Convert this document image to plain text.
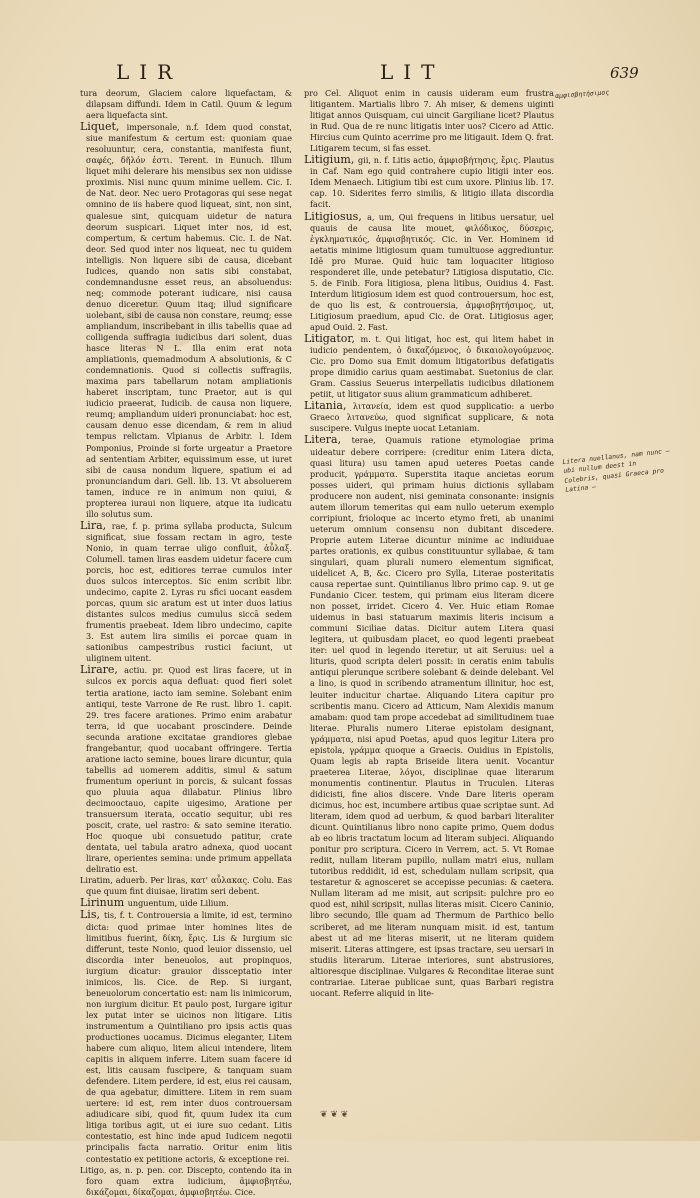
LIR	LIT	639

tura deorum, Glaciem calore liquefactam, & dilapsam diffundi. Idem in Catil. Quum & legum aera liquefacta sint.

Liquet, impersonale, n.f. Idem quod constat, siue manifestum & certum est: quoniam quae resoluuntur, cera, constantia, manifesta fiunt, σαφές, δῆλόν ἐστι. Terent. in Eunuch. Illum liquet mihi delerare his mensibus sex non uidisse proximis. Nisi nunc quum minime uellem. Cic. I. de Nat. deor. Nec uero Protagoras qui sese negat omnino de iis habere quod liqueat, sint, non sint, qualesue sint, quicquam uidetur de natura deorum suspicari. Liquet inter nos, id est, compertum, & certum habemus. Cic. I. de Nat. deor. Sed quod inter nos liqueat, nec tu quidem intelligis. Non liquere sibi de causa, dicebant Iudices, quando non satis sibi constabat, condemnandusne esset reus, an absoluendus: neq; commode poterant iudicare, nisi causa denuo diceretur. Quum itaq; illud significare uolebant, sibi de causa non constare, reumq; esse ampliandum, inscribebant in illis tabellis quae ad colligenda suffragia iudicibus dari solent, duas hasce literas N L. Illa enim erat nota ampliationis, quemadmodum A absolutionis, & C condemnationis. Quod si collectis suffragiis, maxima pars tabellarum notam ampliationis haberet inscriptam, tunc Praetor, aut is qui iudicio praeerat, Iudicib. de causa non liquere, reumq; ampliandum uideri pronunciabat: hoc est, causam denuo esse dicendam, & rem in aliud tempus relictam. Vlpianus de Arbitr. l. Idem Pomponius, Proinde si forte urgeatur a Praetore ad sententiam Arbiter, equissimum esse, ut iuret sibi de causa nondum liquere, spatium ei ad pronunciandum dari. Gell. lib. 13. Vt absoluerem tamen, induce re in animum non quiui, & propterea iuraui non liquere, atque ita iudicatu illo solutus sum.

Lira, rae, f. p. prima syllaba producta, Sulcum significat, siue fossam rectam in agro, teste Nonio, in quam terrae uligo confluit, ἀὖλαξ. Columell. tamen liras easdem uidetur facere cum porcis, hoc est, editiores terrae cumulos inter duos sulcos interceptos. Sic enim scribit libr. undecimo, capite 2. Lyras ru sfici uocant easdem porcas, quum sic aratum est ut inter duos latius distantes sulcos medius cumulus siccā sedem frumentis praebeat. Idem libro undecimo, capite 3. Est autem lira similis ei porcae quam in sationibus campestribus rustici faciunt, ut uliginem uitent.

Lirare, actiu. pr. Quod est liras facere, ut in sulcos ex porcis aqua defluat: quod fieri solet tertia aratione, iacto iam semine. Solebant enim antiqui, teste Varrone de Re rust. libro 1. capit. 29. tres facere arationes. Primo enim arabatur terra, id que uocabant proscindere. Deinde secunda aratione excitatae grandiores glebae frangebantur, quod uocabant offringere. Tertia aratione iacto semine, boues lirare dicuntur, quia tabellis ad uomerem additis, simul & satum frumentum operiunt in porcis, & sulcant fossas quo pluuia aqua dilabatur. Plinius libro decimooctauo, capite uigesimo, Aratione per transuersum iterata, occatio sequitur, ubi res poscit, crate, uel rastro: & sato semine iteratio. Hoc quoque ubi consuetudo patitur, crate dentata, uel tabula aratro adnexa, quod uocant lirare, operientes semina: unde primum appellata deliratio est.

Liratim, aduerb. Per liras, κατ' αὖλακας. Colu. Eas que quum fint diuisae, liratim seri debent.

Lirinum unguentum, uide Lilium.

Lis, tis, f. t. Controuersia a limite, id est, termino dicta: quod primae inter homines lites de limitibus fuerint, δίκη, ἔρις. Lis & Iurgium sic differunt, teste Nonio, quod leuior dissensio, uel discordia inter beneuolos, aut propinquos, iurgium dicatur: grauior dissceptatio inter inimicos, lis. Cice. de Rep. Si iurgant, beneuolorum concertatio est: nam lis inimicorum, non iurgium dicitur. Et paulo post, Iurgare igitur lex putat inter se uicinos non litigare. Litis instrumentum a Quintiliano pro ipsis actis quas productiones uocamus. Dicimus eleganter, Litem habere cum aliquo, litem alicui intendere, litem capitis in aliquem inferre. Litem suam facere id est, litis causam fuscipere, & tanquam suam defendere. Litem perdere, id est, eius rei causam, de qua agebatur, dimittere. Litem in rem suam uertere: id est, rem inter duos controuersam adiudicare sibi, quod fit, quum Iudex ita cum litiga toribus agit, ut ei iure suo cedant. Litis contestatio, est hinc inde apud Iudicem negotii principalis facta narratio. Oritur enim litis contestatio ex petitione actoris, & exceptione rei.

Litigo, as, n. p. pen. cor. Discepto, contendo ita in foro quam extra iudicium, ἀμφισβητέω, δικάζομαι, δίκαζομαι, ἀμφισβητέω. Cice.

pro Cel. Aliquot enim in causis uideram eum frustra litigantem. Martialis libro 7. Ah miser, & demens uiginti litigat annos Quisquam, cui uincit Gargiliane licet? Plautus in Rud. Qua de re nunc litigatis inter uos? Cicero ad Attic. Hircius cum Quinto acerrime pro me litigauit. Idem Q. frat. Litigarem tecum, si fas esset.

Litigium, gii, n. f. Litis actio, ἀμφισβήτησις, ἔρις. Plautus in Caf. Nam ego quid contrahere cupio litigii inter eos. Idem Menaech. Litigium tibi est cum uxore. Plinius lib. 17. cap. 10. Siderites ferro similis, & litigio illata discordia facit.

Litigiosus, a, um, Qui frequens in litibus uersatur, uel quauis de causa lite mouet, φιλόδικος, δύσερις, ἐγκληματικός, ἀμφισβητικός. Cic. in Ver. Hominem id aetatis minime litigiosum quam tumultuose aggrediuntur. Idē pro Murae. Quid huic tam loquaciter litigioso responderet ille, unde petebatur? Litigiosa disputatio, Cic. 5. de Finib. Fora litigiosa, plena litibus, Ouidius 4. Fast. Interdum litigiosum idem est quod controuersum, hoc est, de quo lis est, & controuersia, ἀμφισβητήσιμος, ut, Litigiosum praedium, apud Cic. de Orat. Litigiosus ager, apud Ouid. 2. Fast.

Litigator, m. t. Qui litigat, hoc est, qui litem habet in iudicio pendentem, ὁ δικαζόμενος, ὁ δικαιολογούμενος. Cic. pro Domo sua Emit domum litigatoribus defatigatis prope dimidio carius quam aestimabat. Suetonius de clar. Gram. Cassius Seuerus interpellatis iudicibus dilationem petiit, ut litigator suus alium grammaticum adhiberet.

Litania, λιτανεία, idem est quod supplicatio: a uerbo Graeco λιτανεύω, quod significat supplicare, & nota suscipere. Vulgus inepte uocat Letaniam.

Litera, terae, Quamuis ratione etymologiae prima uideatur debere corripere: (creditur enim Litera dicta, quasi litura) usu tamen apud ueteres Poetas cande producit, γράμματα. Superstita itaque ancietas eorum posses uideri, qui primam huius dictionis syllabam producere non audent, nisi geminata consonante: insignis autem illorum temeritas qui eam nullo ueterum exemplo corripiunt, frioloque ac incerto etymo freti, ab unanimi ueterum omnium consensu non dubitant discedere. Proprie autem Literae dicuntur minime ac indiuiduae partes orationis, ex quibus constituuntur syllabae, & tam singulari, quam plurali numero elementum significat, uidelicet A, B, &c. Cicero pro Sylla, Literae posteritatis causa repertae sunt. Quintilianus libro primo cap. 9. ut ge Fundanio Cicer. testem, qui primam eius literam dicere non posset, irridet. Cicero 4. Ver. Huic etiam Romae uidemus in basi statuarum maximis literis incisum a communi Siciliae datas. Dicitur autem Litera quasi legitera, ut quibusdam placet, eo quod legenti praebeat iter: uel quod in legendo iteretur, ut ait Seruius: uel a lituris, quod scripta deleri possit: in ceratis enim tabulis antiqui plerunque scribere solebant & deinde delebant. Vel a lino, is quod in scribendo atramentum illinitur, hoc est, leuiter inducitur chartae. Aliquando Litera capitur pro scribentis manu. Cicero ad Atticum, Nam Alexidis manum amabam: quod tam prope accedebat ad similitudinem tuae literae. Pluralis numero Literae epistolam designant, γράμματα, nisi apud Poetas, apud quos legitur Litera pro epistola, γράμμα quoque a Graecis. Ouidius in Epistolis, Quam legis ab rapta Briseide litera uenit. Vocantur praeterea Literae, λόγοι, disciplinae quae literarum monumentis continentur. Plautus in Truculen. Literas didicisti, fine alios discere. Vnde Dare literis operam dicimus, hoc est, incumbere artibus quae scriptae sunt. Ad literam, idem quod ad uerbum, & quod barbari literaliter dicunt. Quintilianus libro nono capite primo, Quem dodus ab eo libris tractatum locum ad literam subjeci. Aliquando ponitur pro scriptura. Cicero in Verrem, act. 5. Vt Romae rediit, nullam literam pupillo, nullam matri eius, nullam tutoribus reddidit, id est, schedulam nullam scripsit, qua testaretur & agnosceret se accepisse pecunias: & caetera. Nullam literam ad me misit, aut scripsit: pulchre pro eo quod est, nihil scripsit, nullas literas misit. Cicero Caninio, libro secundo, Ille quam ad Thermum de Parthico bello scriberet, ad me literam nunquam misit. id est, tantum abest ut ad me literas miserit, ut ne literam quidem miserit. Literas attingere, est ipsas tractare, seu uersari in studiis literarum. Literae interiores, sunt abstrusiores, altioresque disciplinae. Vulgares & Reconditae literae sunt contrariae. Literae publicae sunt, quas Barbari registra uocant. Referre aliquid in lite-

αμφισβητήσιμος
Litera nuellanus, nam nunc — ubi nullum deest in Colebris, quasi Graeca pro Latina —
❦ ❦ ❦
